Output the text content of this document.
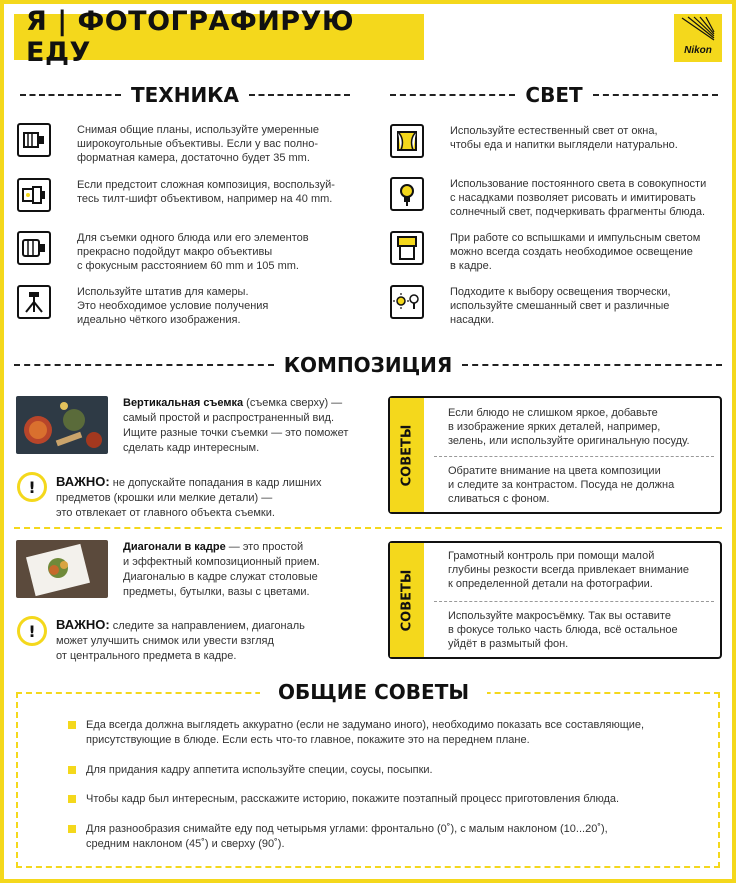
Я | ФОТОГРАФИРУЮ ЕДУ	Nikon
ТЕХНИКА
Снимая общие планы, используйте умеренные
широкоугольные объективы. Если у вас полно-
форматная камера, достаточно будет 35 mm.
Если предстоит сложная композиция, воспользуй-
тесь тилт-шифт объективом, например на 40 mm.
Для съемки одного блюда или его элементов
прекрасно подойдут макро объективы
с фокусным расстоянием 60 mm и 105 mm.
Используйте штатив для камеры.
Это необходимое условие получения
идеально чёткого изображения.
СВЕТ
Используйте естественный свет от окна,
чтобы еда и напитки выглядели натурально.
Использование постоянного света в совокупности
с насадками позволяет рисовать и имитировать
солнечный свет, подчеркивать фрагменты блюда.
При работе со вспышками и импульсным светом
можно всегда создать необходимое освещение
в кадре.
Подходите к выбору освещения творчески,
используйте смешанный свет и различные
насадки.
КОМПОЗИЦИЯ
Вертикальная съемка (съемка сверху) —
самый простой и распространенный вид.
Ищите разные точки съемки — это поможет
сделать кадр интересным.
!	ВАЖНО: не допускайте попадания в кадр лишних
предметов (крошки или мелкие детали) —
это отвлекает от главного объекта съемки.
СОВЕТЫ
Если блюдо не слишком яркое, добавьте
в изображение ярких деталей, например,
зелень, или используйте оригинальную посуду.
Обратите внимание на цвета композиции
и следите за контрастом. Посуда не должна
сливаться с фоном.
Диагонали в кадре — это простой
и эффектный композиционный прием.
Диагональю в кадре служат столовые
предметы, бутылки, вазы с цветами.
!	ВАЖНО: следите за направлением, диагональ
может улучшить снимок или увести взгляд
от центрального предмета в кадре.
СОВЕТЫ
Грамотный контроль при помощи малой
глубины резкости всегда привлекает внимание
к определенной детали на фотографии.
Используйте макросъёмку. Так вы оставите
в фокусе только часть блюда, всё остальное
уйдёт в размытый фон.
ОБЩИЕ СОВЕТЫ
Еда всегда должна выглядеть аккуратно (если не задумано иного), необходимо показать все составляющие,
присутствующие в блюде. Если есть что-то главное, покажите это на переднем плане.
Для придания кадру аппетита используйте специи, соусы, посыпки.
Чтобы кадр был интересным, расскажите историю, покажите поэтапный процесс приготовления блюда.
Для разнообразия снимайте еду под четырьмя углами: фронтально (0˚), с малым наклоном (10...20˚),
средним наклоном (45˚) и сверху (90˚).
